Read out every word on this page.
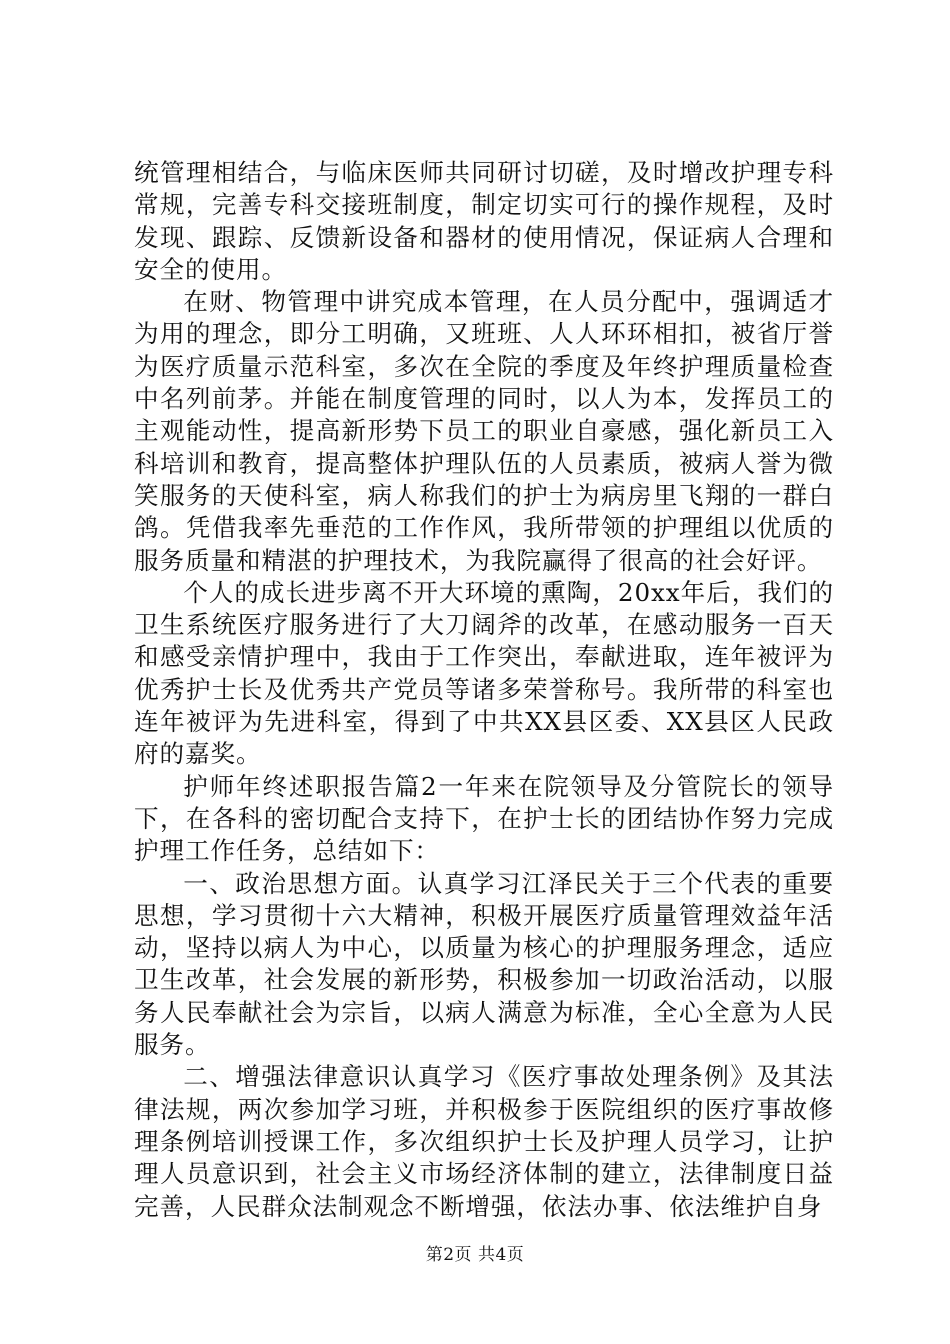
统管理相结合，与临床医师共同研讨切磋，及时增改护理专科常规，完善专科交接班制度，制定切实可行的操作规程，及时发现、跟踪、反馈新设备和器材的使用情况，保证病人合理和安全的使用。

在财、物管理中讲究成本管理，在人员分配中，强调适才为用的理念，即分工明确，又班班、人人环环相扣，被省厅誉为医疗质量示范科室，多次在全院的季度及年终护理质量检查中名列前茅。并能在制度管理的同时，以人为本，发挥员工的主观能动性，提高新形势下员工的职业自豪感，强化新员工入科培训和教育，提高整体护理队伍的人员素质，被病人誉为微笑服务的天使科室，病人称我们的护士为病房里飞翔的一群白鸽。凭借我率先垂范的工作作风，我所带领的护理组以优质的服务质量和精湛的护理技术，为我院赢得了很高的社会好评。

个人的成长进步离不开大环境的熏陶，20xx年后，我们的卫生系统医疗服务进行了大刀阔斧的改革，在感动服务一百天和感受亲情护理中，我由于工作突出，奉献进取，连年被评为优秀护士长及优秀共产党员等诸多荣誉称号。我所带的科室也连年被评为先进科室，得到了中共XX县区委、XX县区人民政府的嘉奖。

护师年终述职报告篇2一年来在院领导及分管院长的领导下，在各科的密切配合支持下，在护士长的团结协作努力完成护理工作任务，总结如下：

一、政治思想方面。认真学习江泽民关于三个代表的重要思想，学习贯彻十六大精神，积极开展医疗质量管理效益年活动，坚持以病人为中心，以质量为核心的护理服务理念，适应卫生改革，社会发展的新形势，积极参加一切政治活动，以服务人民奉献社会为宗旨，以病人满意为标准，全心全意为人民服务。

二、增强法律意识认真学习《医疗事故处理条例》及其法律法规，两次参加学习班，并积极参于医院组织的医疗事故修理条例培训授课工作，多次组织护士长及护理人员学习，让护理人员意识到，社会主义市场经济体制的建立，法律制度日益完善，人民群众法制观念不断增强，依法办事、依法维护自身

第2页 共4页
